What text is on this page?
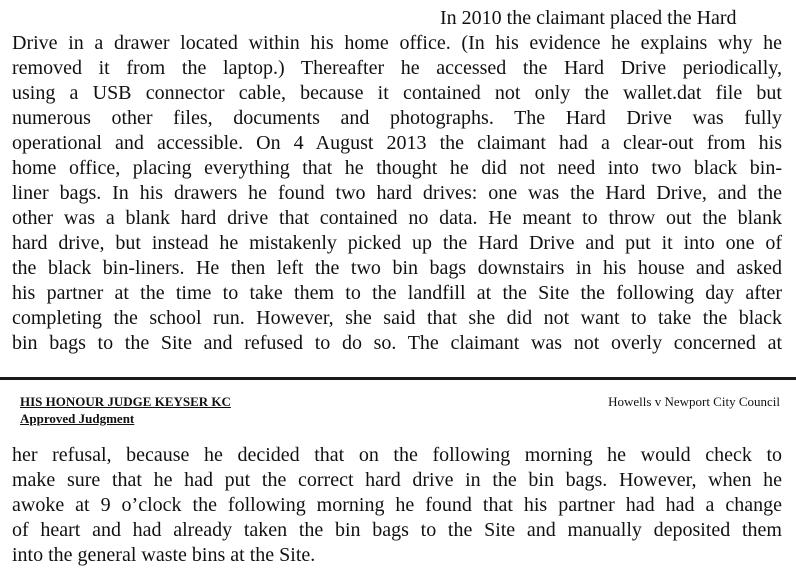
In 2010 the claimant placed the Hard
Drive in a drawer located within his home office. (In his evidence he explains why he
removed it from the laptop.) Thereafter he accessed the Hard Drive periodically,
using a USB connector cable, because it contained not only the wallet.dat file but
numerous other files, documents and photographs. The Hard Drive was fully
operational and accessible. On 4 August 2013 the claimant had a clear-out from his
home office, placing everything that he thought he did not need into two black bin-
liner bags. In his drawers he found two hard drives: one was the Hard Drive, and the
other was a blank hard drive that contained no data. He meant to throw out the blank
hard drive, but instead he mistakenly picked up the Hard Drive and put it into one of
the black bin-liners. He then left the two bin bags downstairs in his house and asked
his partner at the time to take them to the landfill at the Site the following day after
completing the school run. However, she said that she did not want to take the black
bin bags to the Site and refused to do so. The claimant was not overly concerned at
HIS HONOUR JUDGE KEYSER KC
Approved Judgment
Howells v Newport City Council
her refusal, because he decided that on the following morning he would check to
make sure that he had put the correct hard drive in the bin bags. However, when he
awoke at 9 o’clock the following morning he found that his partner had had a change
of heart and had already taken the bin bags to the Site and manually deposited them
into the general waste bins at the Site.
